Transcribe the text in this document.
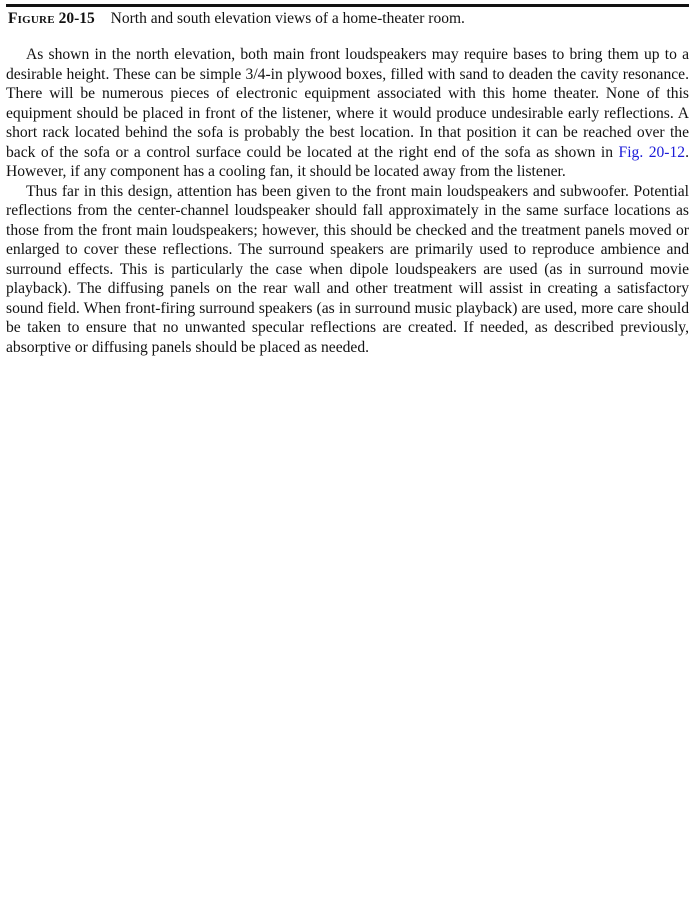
Figure 20-15 North and south elevation views of a home-theater room.

As shown in the north elevation, both main front loudspeakers may require bases to bring them up to a desirable height. These can be simple 3/4-in plywood boxes, filled with sand to deaden the cavity resonance. There will be numerous pieces of electronic equipment associated with this home theater. None of this equipment should be placed in front of the listener, where it would produce undesirable early reflections. A short rack located behind the sofa is probably the best location. In that position it can be reached over the back of the sofa or a control surface could be located at the right end of the sofa as shown in Fig. 20-12. However, if any component has a cooling fan, it should be located away from the listener.

Thus far in this design, attention has been given to the front main loudspeakers and subwoofer. Potential reflections from the center-channel loudspeaker should fall approximately in the same surface locations as those from the front main loudspeakers; however, this should be checked and the treatment panels moved or enlarged to cover these reflections. The surround speakers are primarily used to reproduce ambience and surround effects. This is particularly the case when dipole loudspeakers are used (as in surround movie playback). The diffusing panels on the rear wall and other treatment will assist in creating a satisfactory sound field. When front-firing surround speakers (as in surround music playback) are used, more care should be taken to ensure that no unwanted specular reflections are created. If needed, as described previously, absorptive or diffusing panels should be placed as needed.
